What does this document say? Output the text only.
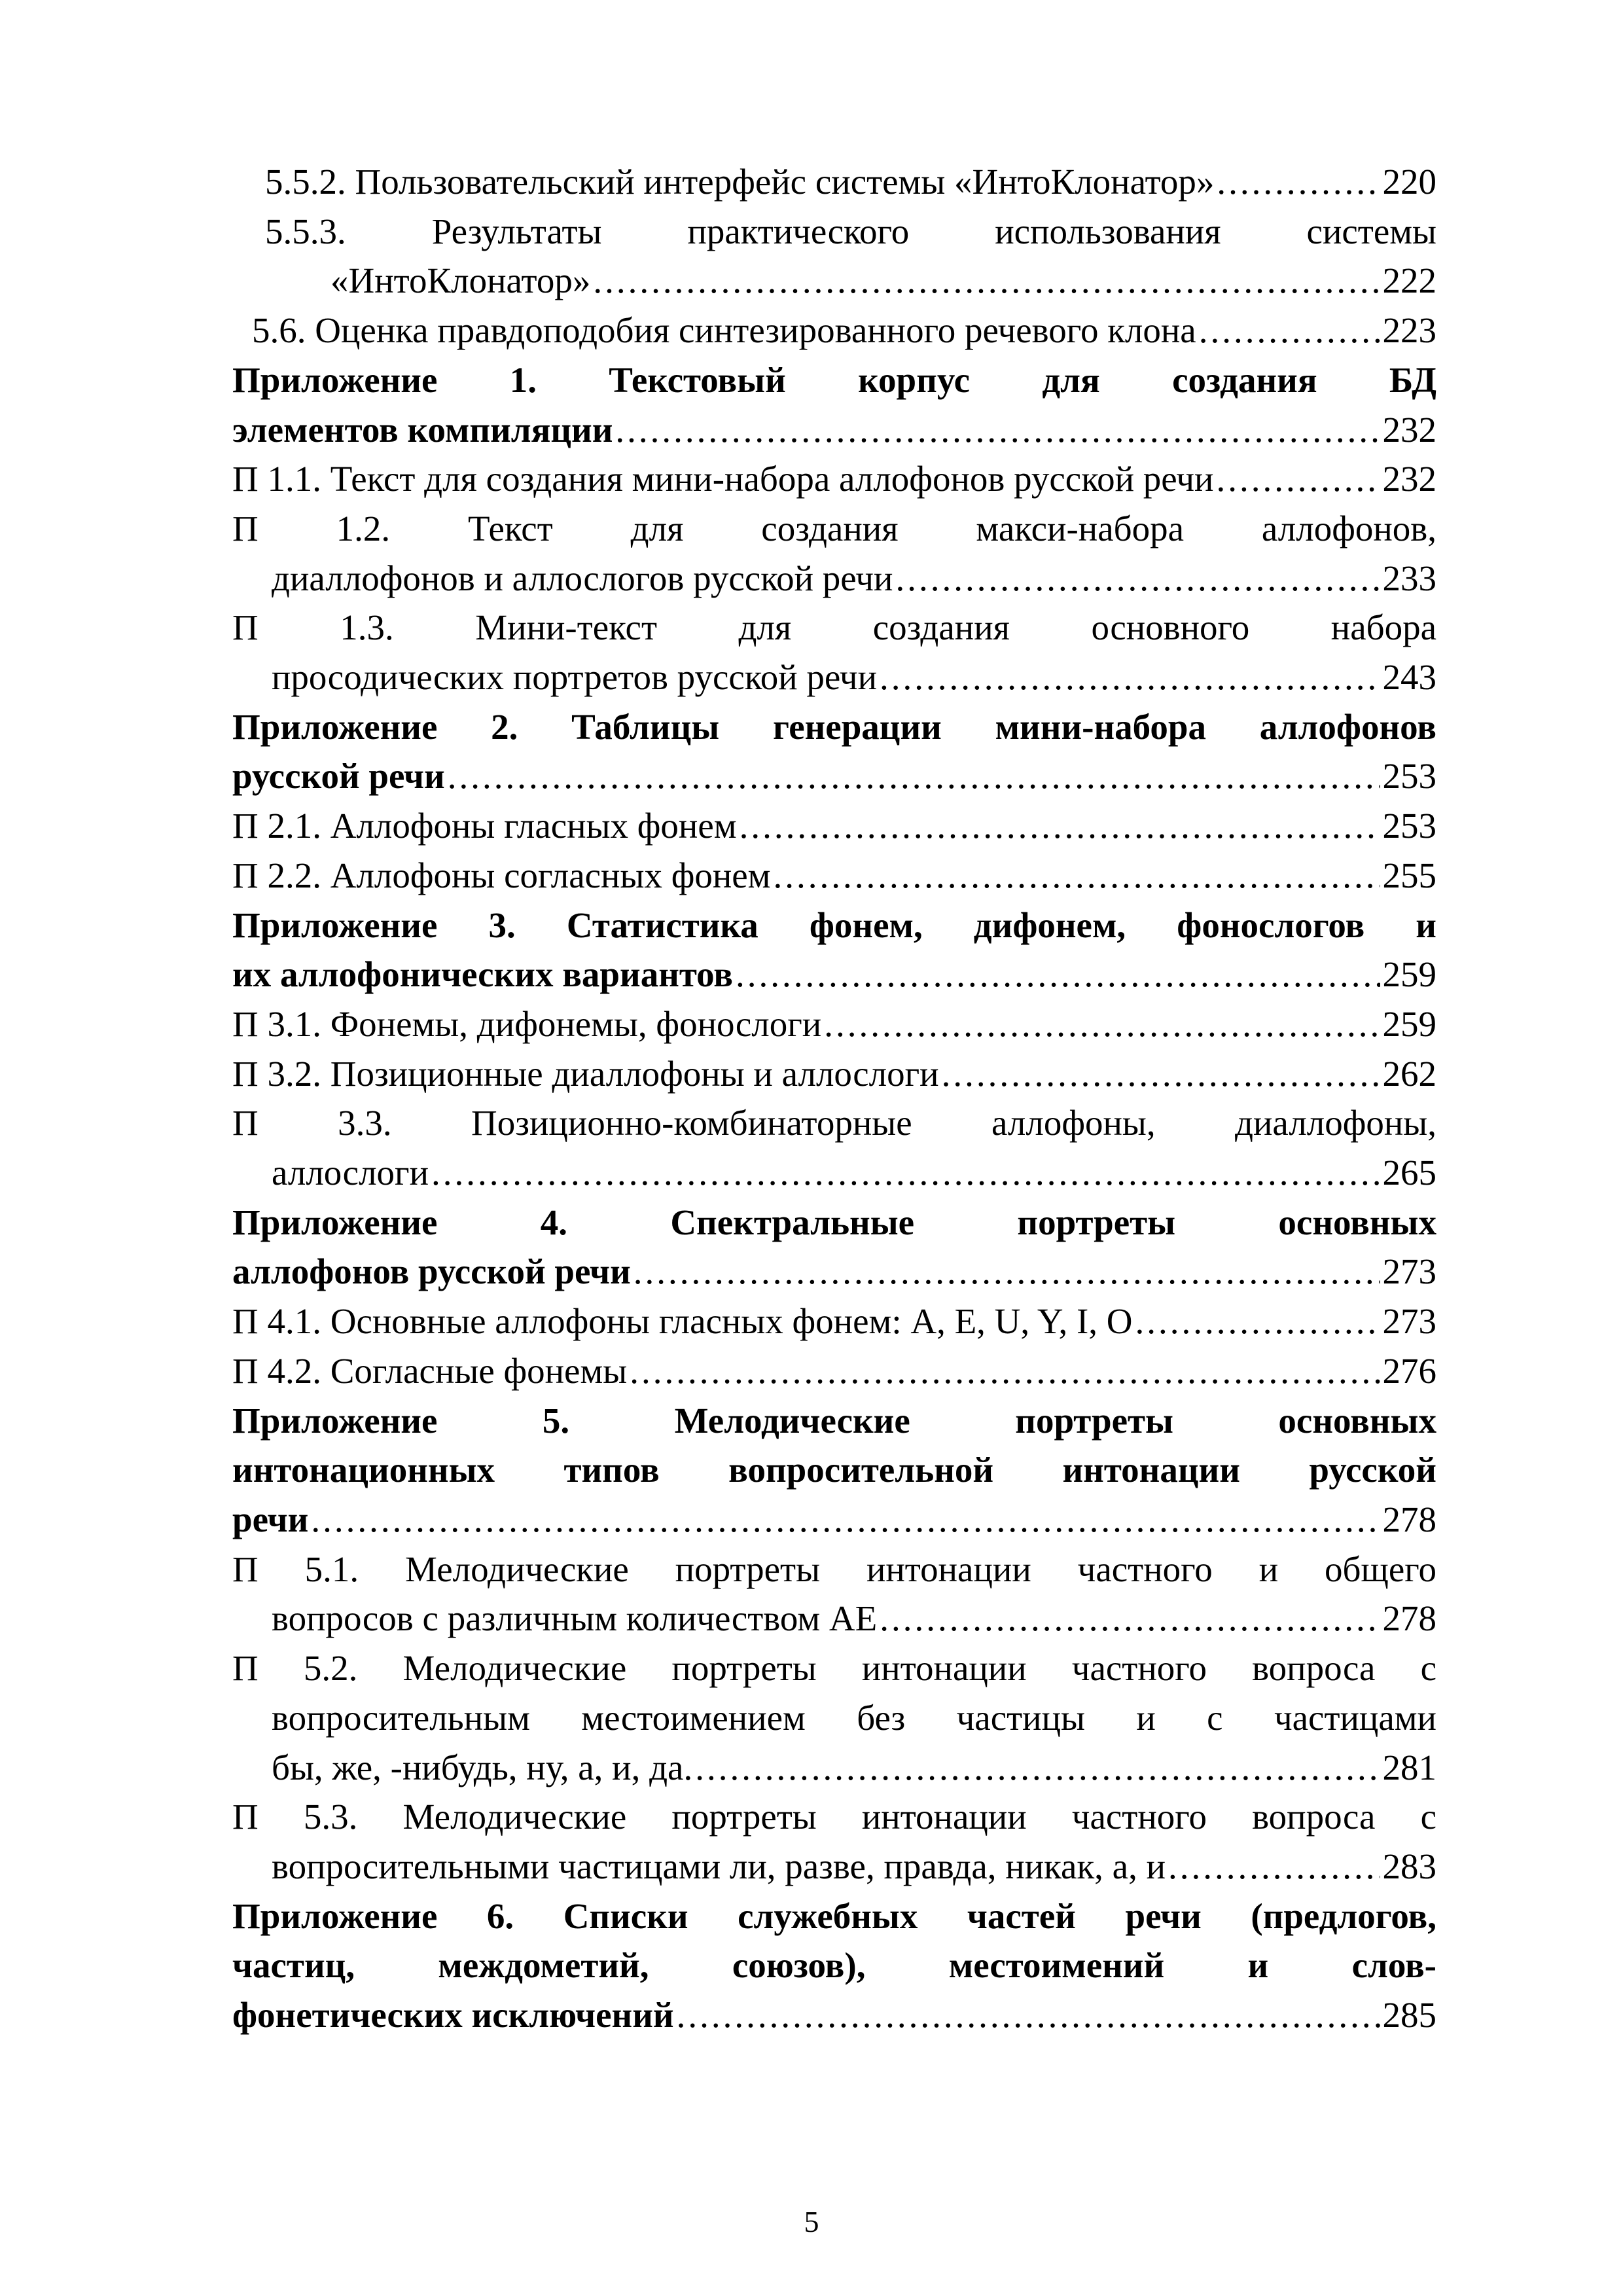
5.5.2. Пользовательский интерфейс системы «ИнтоКлонатор» .....	220
5.5.3. Результаты практического использования системы
«ИнтоКлонатор» .....	222
5.6. Оценка правдоподобия синтезированного речевого клона .....	223
Приложение 1. Текстовый корпус для создания БД
элементов компиляции .....	232
П 1.1. Текст для создания мини-набора аллофонов русской речи .....	232
П 1.2. Текст для создания макси-набора аллофонов,
диаллофонов и аллослогов русской речи .....	233
П 1.3. Мини-текст для создания основного набора
просодических портретов русской речи .....	243
Приложение 2. Таблицы генерации мини-набора аллофонов
русской речи .....	253
П 2.1. Аллофоны гласных фонем .....	253
П 2.2. Аллофоны согласных фонем .....	255
Приложение 3. Статистика фонем, дифонем, фонослогов и
их аллофонических вариантов .....	259
П 3.1. Фонемы, дифонемы, фонослоги .....	259
П 3.2. Позиционные диаллофоны и аллослоги .....	262
П 3.3. Позиционно-комбинаторные аллофоны, диаллофоны,
аллослоги .....	265
Приложение 4. Спектральные портреты основных
аллофонов русской речи .....	273
П 4.1. Основные аллофоны гласных фонем: A, E, U, Y, I, O .....	273
П 4.2. Согласные фонемы .....	276
Приложение 5. Мелодические портреты основных
интонационных типов вопросительной интонации русской
речи .....	278
П 5.1. Мелодические портреты интонации частного и общего
вопросов с различным количеством АЕ .....	278
П 5.2. Мелодические портреты интонации частного вопроса с
вопросительным местоимением без частицы и с частицами
бы, же, -нибудь, ну, а, и, да. .....	281
П 5.3. Мелодические портреты интонации частного вопроса с
вопросительными частицами ли, разве, правда, никак, а, и .....	283
Приложение 6. Списки служебных частей речи (предлогов,
частиц, междометий, союзов), местоимений и слов-
фонетических исключений .....	285
5
